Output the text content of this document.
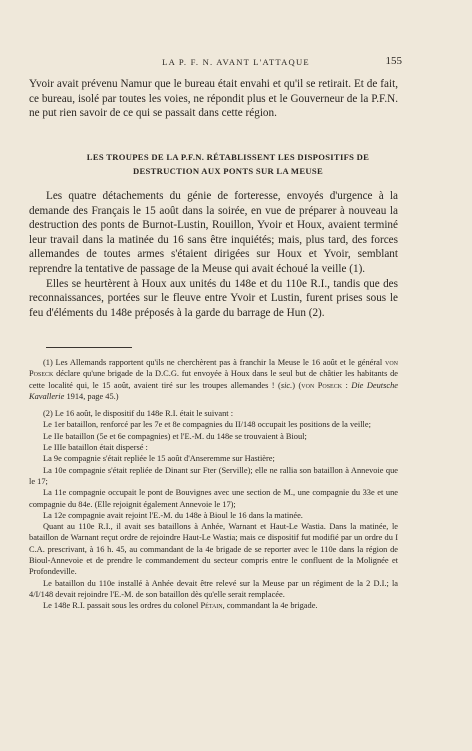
LA P. F. N. AVANT L'ATTAQUE	155

Yvoir avait prévenu Namur que le bureau était envahi et qu'il se retirait. Et de fait, ce bureau, isolé par toutes les voies, ne répondit plus et le Gouverneur de la P.F.N. ne put rien savoir de ce qui se passait dans cette région.

LES TROUPES DE LA P.F.N. RÉTABLISSENT LES DISPOSITIFS DE DESTRUCTION AUX PONTS SUR LA MEUSE

Les quatre détachements du génie de forteresse, envoyés d'urgence à la demande des Français le 15 août dans la soirée, en vue de préparer à nouveau la destruction des ponts de Burnot-Lustin, Rouillon, Yvoir et Houx, avaient terminé leur travail dans la matinée du 16 sans être inquiétés; mais, plus tard, des forces allemandes de toutes armes s'étaient dirigées sur Houx et Yvoir, semblant reprendre la tentative de passage de la Meuse qui avait échoué la veille (1).

Elles se heurtèrent à Houx aux unités du 148e et du 110e R.I., tandis que des reconnaissances, portées sur le fleuve entre Yvoir et Lustin, furent prises sous le feu d'éléments du 148e préposés à la garde du barrage de Hun (2).

(1) Les Allemands rapportent qu'ils ne cherchèrent pas à franchir la Meuse le 16 août et le général von Poseck déclare qu'une brigade de la D.C.G. fut envoyée à Houx dans le seul but de châtier les habitants de cette localité qui, le 15 août, avaient tiré sur les troupes allemandes ! (sic.) (von Poseck : Die Deutsche Kavallerie 1914, page 45.)

(2) Le 16 août, le dispositif du 148e R.I. était le suivant :

Le 1er bataillon, renforcé par les 7e et 8e compagnies du II/148 occupait les positions de la veille;

Le IIe bataillon (5e et 6e compagnies) et l'E.-M. du 148e se trouvaient à Bioul;

Le IIIe bataillon était dispersé :

La 9e compagnie s'était repliée le 15 août d'Anseremme sur Hastière;

La 10e compagnie s'était repliée de Dinant sur Fter (Serville); elle ne rallia son bataillon à Annevoie que le 17;

La 11e compagnie occupait le pont de Bouvignes avec une section de M., une compagnie du 33e et une compagnie du 84e. (Elle rejoignit également Annevoie le 17);

La 12e compagnie avait rejoint l'E.-M. du 148e à Bioul le 16 dans la matinée.

Quant au 110e R.I., il avait ses bataillons à Anhée, Warnant et Haut-Le Wastia. Dans la matinée, le bataillon de Warnant reçut ordre de rejoindre Haut-Le Wastia; mais ce dispositif fut modifié par un ordre du I C.A. prescrivant, à 16 h. 45, au commandant de la 4e brigade de se reporter avec le 110e dans la région de Bioul-Annevoie et de prendre le commandement du secteur compris entre le confluent de la Molignée et Profondeville.

Le bataillon du 110e installé à Anhée devait être relevé sur la Meuse par un régiment de la 2 D.I.; la 4/I/148 devait rejoindre l'E.-M. de son bataillon dès qu'elle serait remplacée.

Le 148e R.I. passait sous les ordres du colonel Pétain, commandant la 4e brigade.
